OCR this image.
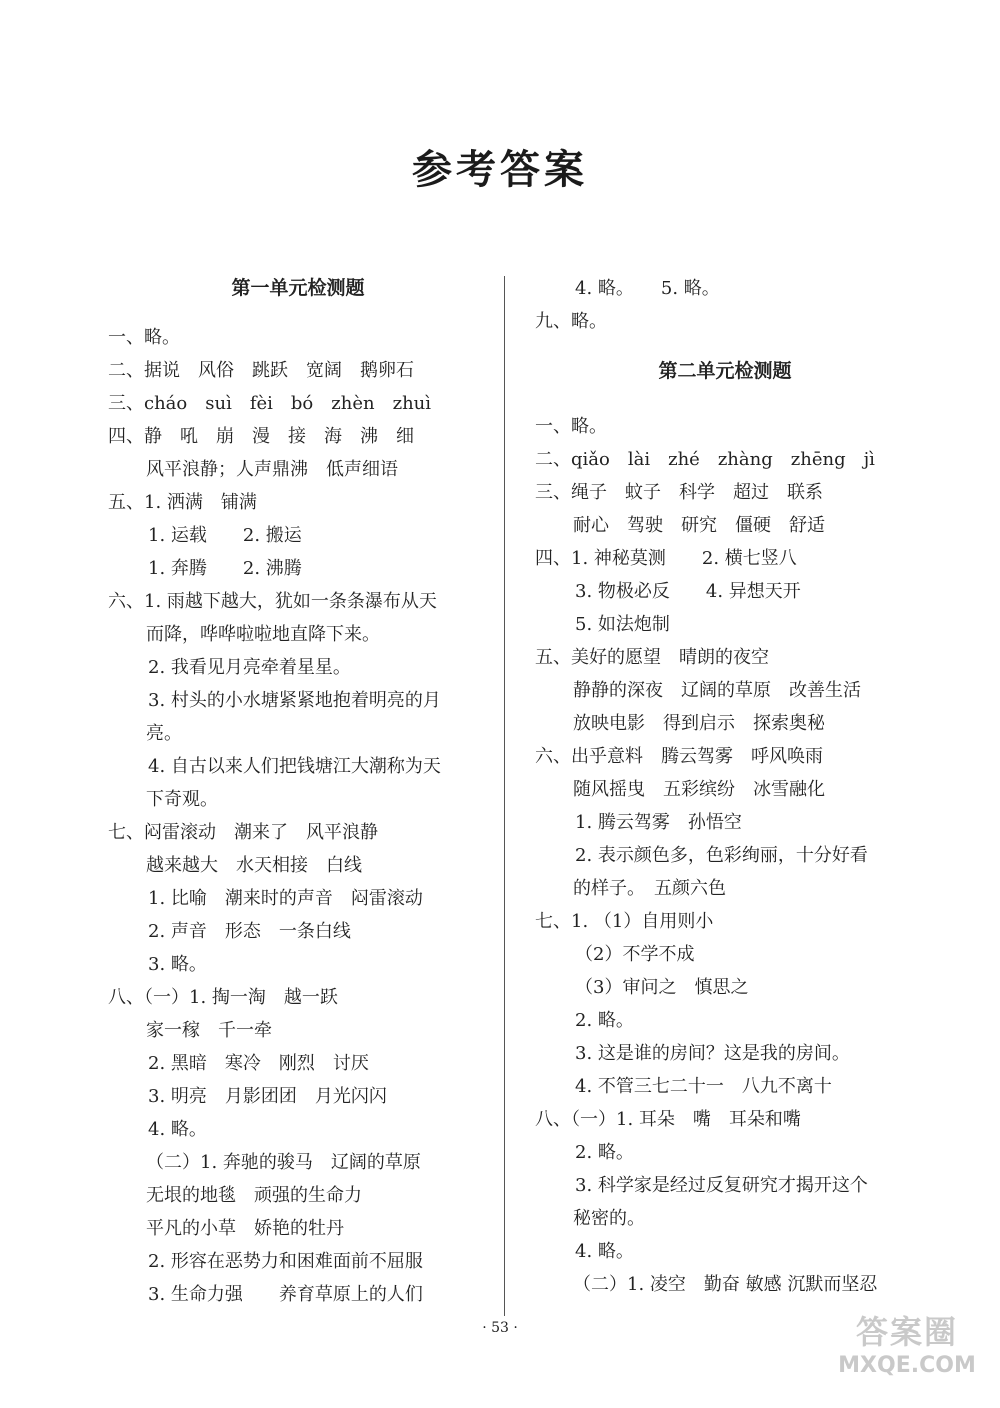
参考答案
第一单元检测题
一、略。
二、据说　风俗　跳跃　宽阔　鹅卵石
三、cháo　suì　fèi　bó　zhèn　zhuì
四、静　吼　崩　漫　接　海　沸　细
风平浪静；人声鼎沸　低声细语
五、1. 洒满　铺满
1. 运载　　2. 搬运
1. 奔腾　　2. 沸腾
六、1. 雨越下越大，犹如一条条瀑布从天
而降，哗哗啦啦地直降下来。
2. 我看见月亮牵着星星。
3. 村头的小水塘紧紧地抱着明亮的月
亮。
4. 自古以来人们把钱塘江大潮称为天
下奇观。
七、闷雷滚动　潮来了　风平浪静
越来越大　水天相接　白线
1. 比喻　潮来时的声音　闷雷滚动
2. 声音　形态　一条白线
3. 略。
八、（一）1. 掏一淘　越一跃
家一稼　千一牵
2. 黑暗　寒冷　刚烈　讨厌
3. 明亮　月影团团　月光闪闪
4. 略。
（二）1. 奔驰的骏马　辽阔的草原
无垠的地毯　顽强的生命力
平凡的小草　娇艳的牡丹
2. 形容在恶势力和困难面前不屈服
3. 生命力强　　养育草原上的人们
4. 略。　　5. 略。
九、略。
第二单元检测题
一、略。
二、qiǎo　lài　zhé　zhàng　zhēng　jì
三、绳子　蚊子　科学　超过　联系
耐心　驾驶　研究　僵硬　舒适
四、1. 神秘莫测　　2. 横七竖八
3. 物极必反　　4. 异想天开
5. 如法炮制
五、美好的愿望　晴朗的夜空
静静的深夜　辽阔的草原　改善生活
放映电影　得到启示　探索奥秘
六、出乎意料　腾云驾雾　呼风唤雨
随风摇曳　五彩缤纷　冰雪融化
1. 腾云驾雾　孙悟空
2. 表示颜色多，色彩绚丽，十分好看
的样子。　五颜六色
七、1. （1）自用则小
（2）不学不成
（3）审问之　慎思之
2. 略。
3. 这是谁的房间？这是我的房间。
4. 不管三七二十一　八九不离十
八、（一）1. 耳朵　嘴　耳朵和嘴
2. 略。
3. 科学家是经过反复研究才揭开这个
秘密的。
4. 略。
（二）1. 凌空　勤奋 敏感 沉默而坚忍
· 53 ·	答案圈
MXQE.COM
